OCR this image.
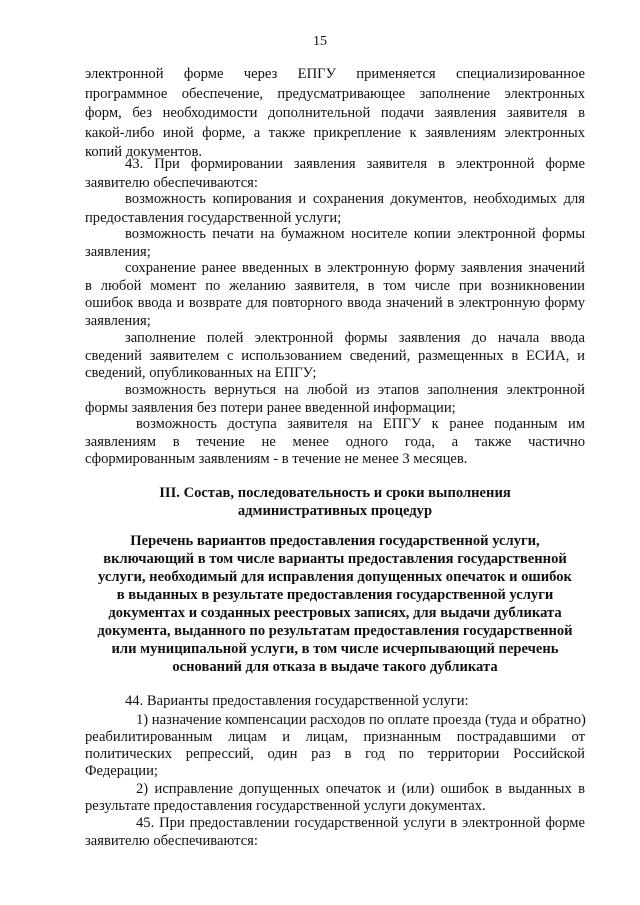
15
электронной форме через ЕПГУ применяется специализированное
программное обеспечение, предусматривающее заполнение электронных
форм, без необходимости дополнительной подачи заявления заявителя в
какой-либо иной форме, а также прикрепление к заявлениям электронных
копий документов.
43. При формировании заявления заявителя в электронной форме
заявителю обеспечиваются:
возможность копирования и сохранения документов, необходимых для
предоставления государственной услуги;
возможность печати на бумажном носителе копии электронной формы
заявления;
сохранение ранее введенных в электронную форму заявления значений
в любой момент по желанию заявителя, в том числе при возникновении
ошибок ввода и возврате для повторного ввода значений в электронную форму
заявления;
заполнение полей электронной формы заявления до начала ввода
сведений заявителем с использованием сведений, размещенных в ЕСИА, и
сведений, опубликованных на ЕПГУ;
возможность вернуться на любой из этапов заполнения электронной
формы заявления без потери ранее введенной информации;
возможность доступа заявителя на ЕПГУ к ранее поданным им
заявлениям в течение не менее одного года, а также частично
сформированным заявлениям - в течение не менее 3 месяцев.
III. Состав, последовательность и сроки выполнения
административных процедур
Перечень вариантов предоставления государственной услуги,
включающий в том числе варианты предоставления государственной
услуги, необходимый для исправления допущенных опечаток и ошибок
в выданных в результате предоставления государственной услуги
документах и созданных реестровых записях, для выдачи дубликата
документа, выданного по результатам предоставления государственной
или муниципальной услуги, в том числе исчерпывающий перечень
оснований для отказа в выдаче такого дубликата
44. Варианты предоставления государственной услуги:
1) назначение компенсации расходов по оплате проезда (туда и обратно)
реабилитированным лицам и лицам, признанным пострадавшими от
политических репрессий, один раз в год по территории Российской
Федерации;
2) исправление допущенных опечаток и (или) ошибок в выданных в
результате предоставления государственной услуги документах.
45. При предоставлении государственной услуги в электронной форме
заявителю обеспечиваются:
